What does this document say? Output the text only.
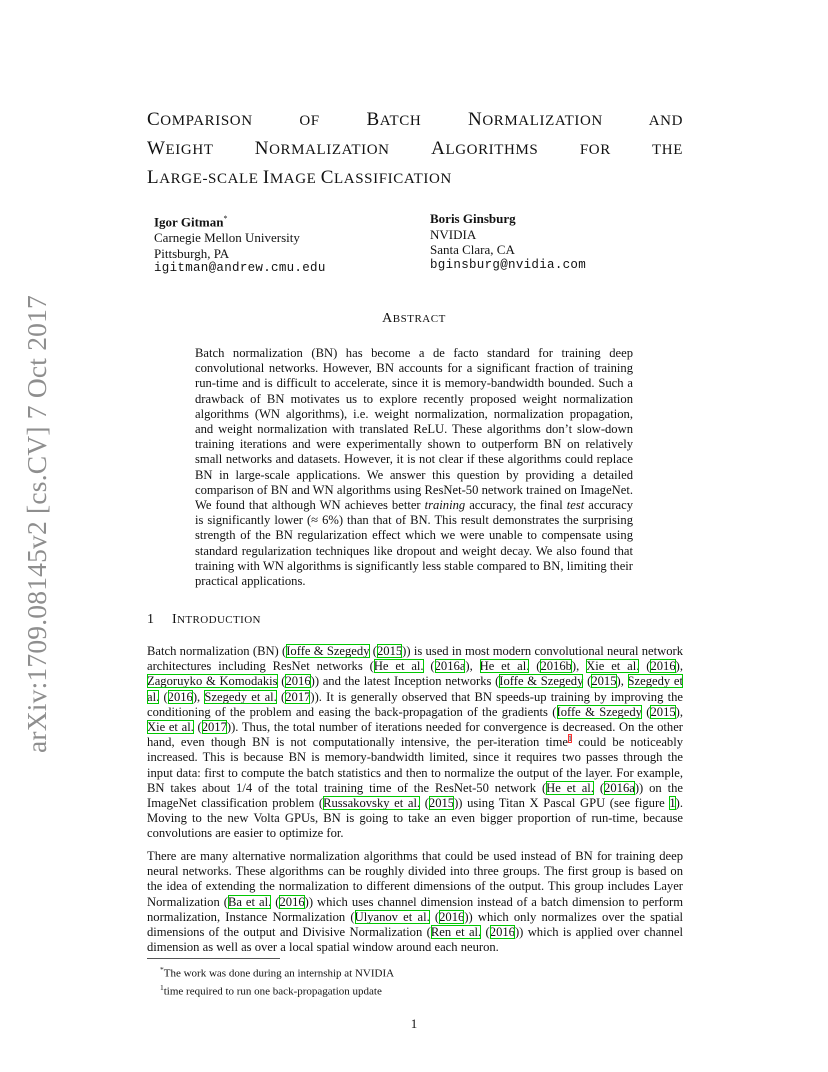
arXiv:1709.08145v2 [cs.CV] 7 Oct 2017
COMPARISON OF BATCH NORMALIZATION AND
WEIGHT NORMALIZATION ALGORITHMS FOR THE
LARGE-SCALE IMAGE CLASSIFICATION
Igor Gitman*
Carnegie Mellon University
Pittsburgh, PA
igitman@andrew.cmu.edu
Boris Ginsburg
NVIDIA
Santa Clara, CA
bginsburg@nvidia.com
ABSTRACT

Batch normalization (BN) has become a de facto standard for training deep convolutional networks. However, BN accounts for a significant fraction of training run-time and is difficult to accelerate, since it is memory-bandwidth bounded. Such a drawback of BN motivates us to explore recently proposed weight normalization algorithms (WN algorithms), i.e. weight normalization, normalization propagation, and weight normalization with translated ReLU. These algorithms don’t slow-down training iterations and were experimentally shown to outperform BN on relatively small networks and datasets. However, it is not clear if these algorithms could replace BN in large-scale applications. We answer this question by providing a detailed comparison of BN and WN algorithms using ResNet-50 network trained on ImageNet. We found that although WN achieves better training accuracy, the final test accuracy is significantly lower (≈ 6%) than that of BN. This result demonstrates the surprising strength of the BN regularization effect which we were unable to compensate using standard regularization techniques like dropout and weight decay. We also found that training with WN algorithms is significantly less stable compared to BN, limiting their practical applications.

1 INTRODUCTION

Batch normalization (BN) (Ioffe & Szegedy (2015)) is used in most modern convolutional neural network architectures including ResNet networks (He et al. (2016a), He et al. (2016b), Xie et al. (2016), Zagoruyko & Komodakis (2016)) and the latest Inception networks (Ioffe & Szegedy (2015), Szegedy et al. (2016), Szegedy et al. (2017)). It is generally observed that BN speeds-up training by improving the conditioning of the problem and easing the back-propagation of the gradients (Ioffe & Szegedy (2015), Xie et al. (2017)). Thus, the total number of iterations needed for convergence is decreased. On the other hand, even though BN is not computationally intensive, the per-iteration time$^1$ could be noticeably increased. This is because BN is memory-bandwidth limited, since it requires two passes through the input data: first to compute the batch statistics and then to normalize the output of the layer. For example, BN takes about 1/4 of the total training time of the ResNet-50 network (He et al. (2016a)) on the ImageNet classification problem (Russakovsky et al. (2015)) using Titan X Pascal GPU (see figure 1). Moving to the new Volta GPUs, BN is going to take an even bigger proportion of run-time, because convolutions are easier to optimize for.

There are many alternative normalization algorithms that could be used instead of BN for training deep neural networks. These algorithms can be roughly divided into three groups. The first group is based on the idea of extending the normalization to different dimensions of the output. This group includes Layer Normalization (Ba et al. (2016)) which uses channel dimension instead of a batch dimension to perform normalization, Instance Normalization (Ulyanov et al. (2016)) which only normalizes over the spatial dimensions of the output and Divisive Normalization (Ren et al. (2016)) which is applied over channel dimension as well as over a local spatial window around each neuron.

*The work was done during an internship at NVIDIA
$^1$time required to run one back-propagation update
1
